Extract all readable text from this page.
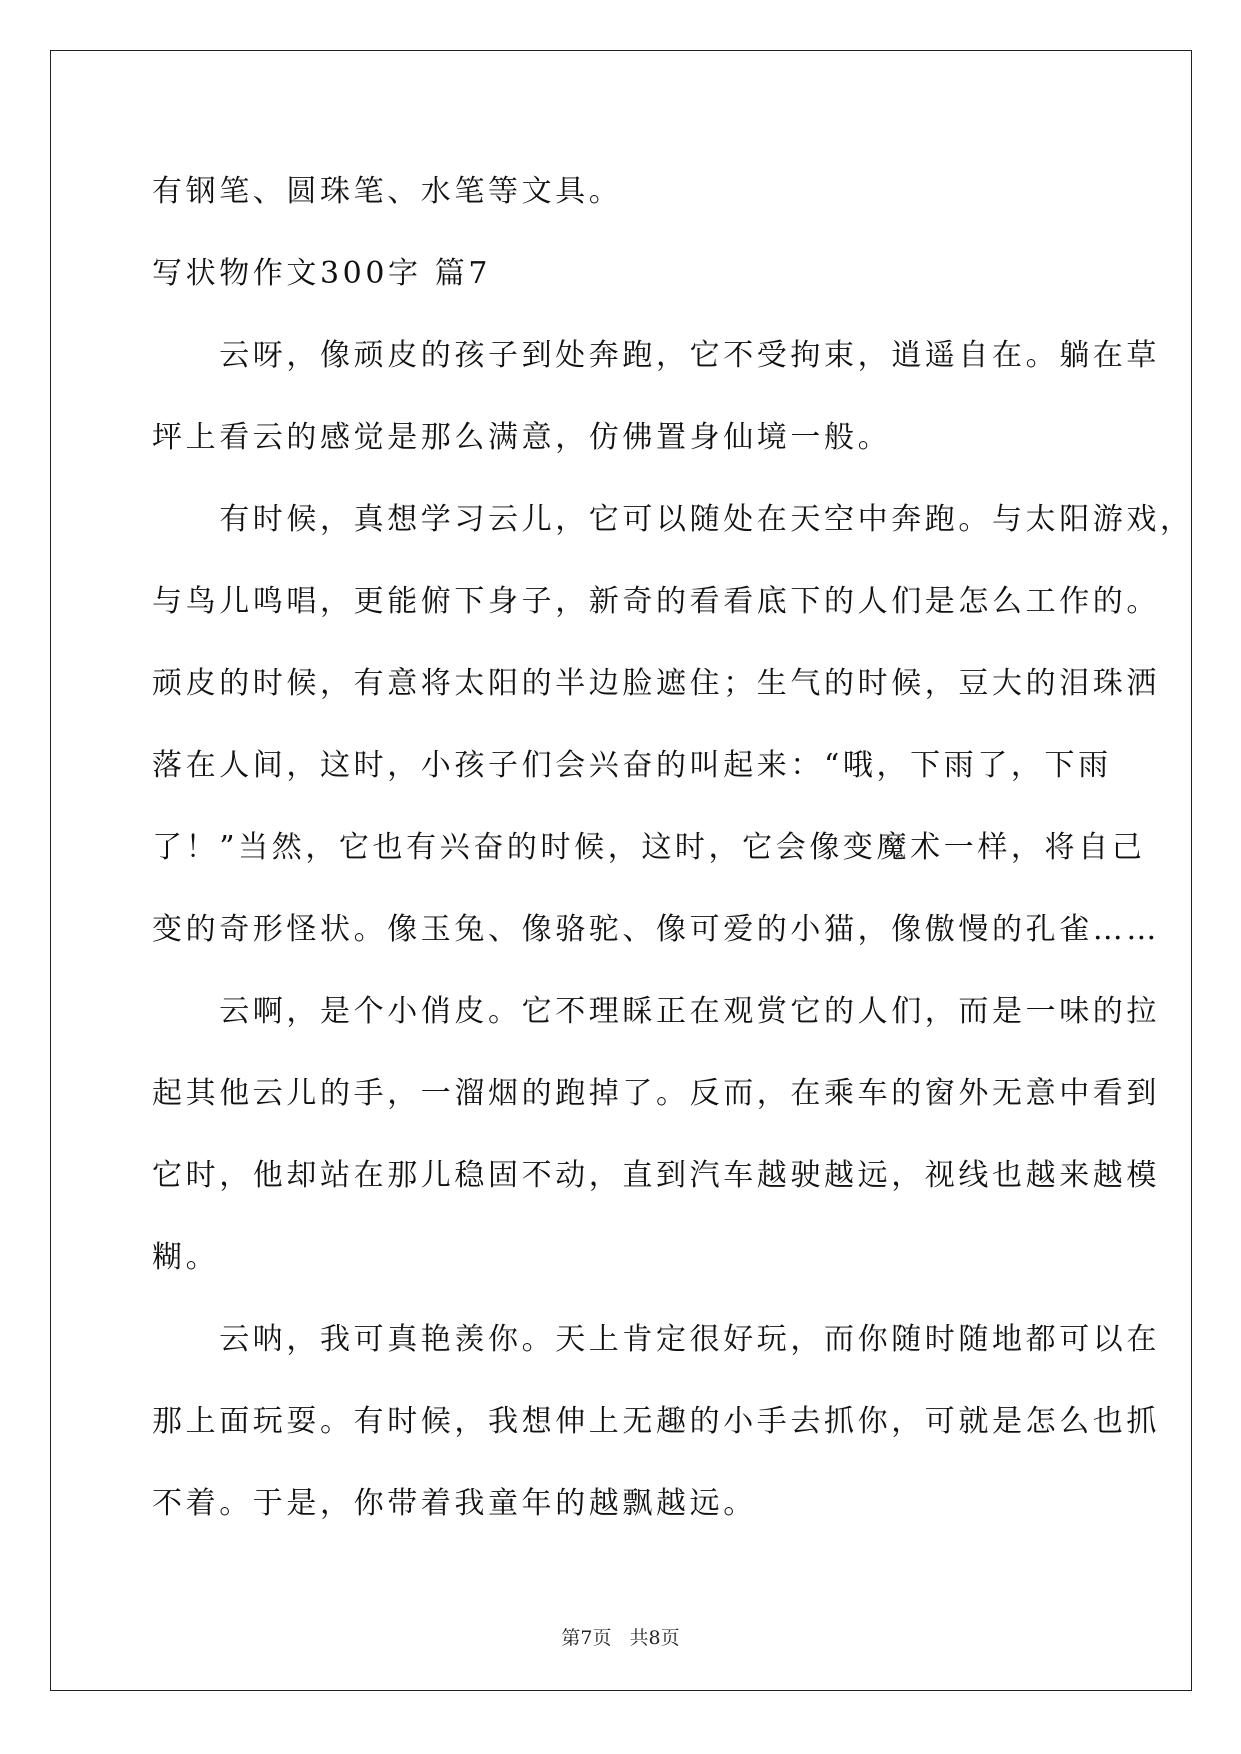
有钢笔、圆珠笔、水笔等文具。
写状物作文300字 篇7
　　云呀，像顽皮的孩子到处奔跑，它不受拘束，逍遥自在。躺在草
坪上看云的感觉是那么满意，仿佛置身仙境一般。
　　有时候，真想学习云儿，它可以随处在天空中奔跑。与太阳游戏，
与鸟儿鸣唱，更能俯下身子，新奇的看看底下的人们是怎么工作的。
顽皮的时候，有意将太阳的半边脸遮住；生气的时候，豆大的泪珠洒
落在人间，这时，小孩子们会兴奋的叫起来：“哦，下雨了，下雨
了！”当然，它也有兴奋的时候，这时，它会像变魔术一样，将自己
变的奇形怪状。像玉兔、像骆驼、像可爱的小猫，像傲慢的孔雀……
　　云啊，是个小俏皮。它不理睬正在观赏它的人们，而是一味的拉
起其他云儿的手，一溜烟的跑掉了。反而，在乘车的窗外无意中看到
它时，他却站在那儿稳固不动，直到汽车越驶越远，视线也越来越模
糊。
　　云呐，我可真艳羡你。天上肯定很好玩，而你随时随地都可以在
那上面玩耍。有时候，我想伸上无趣的小手去抓你，可就是怎么也抓
不着。于是，你带着我童年的越飘越远。
第7页 共8页
